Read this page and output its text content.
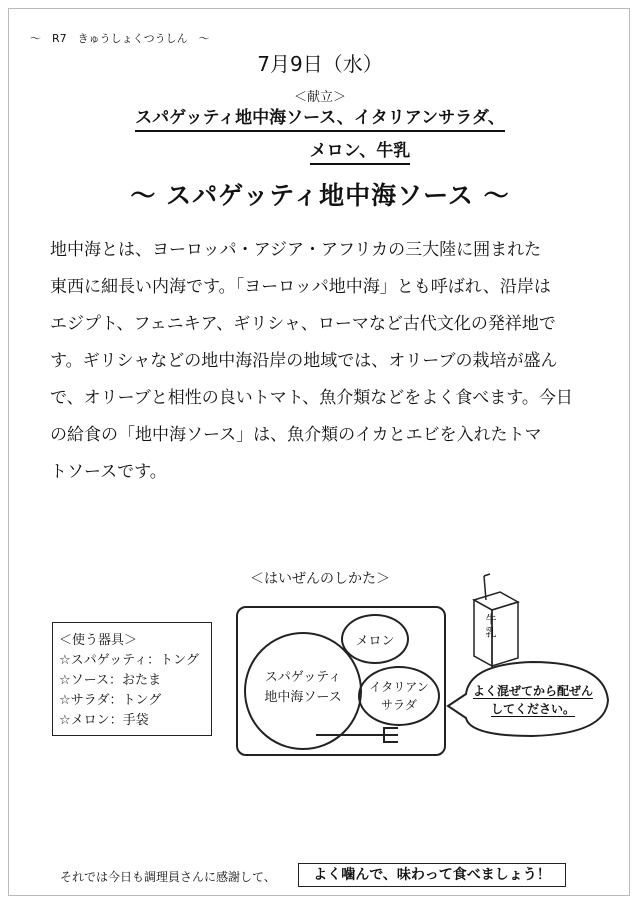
～　R7　きゅうしょくつうしん　～
7月9日（水）
＜献立＞
スパゲッティ地中海ソース、イタリアンサラダ、
メロン、牛乳
～ スパゲッティ地中海ソース ～

地中海とは、ヨーロッパ・アジア・アフリカの三大陸に囲まれた

東西に細長い内海です。「ヨーロッパ地中海」とも呼ばれ、沿岸は

エジプト、フェニキア、ギリシャ、ローマなど古代文化の発祥地で

す。ギリシャなどの地中海沿岸の地域では、オリーブの栽培が盛ん

で、オリーブと相性の良いトマト、魚介類などをよく食べます。今日

の給食の「地中海ソース」は、魚介類のイカとエビを入れたトマ

トソースです。

＜はいぜんのしかた＞
＜使う器具＞
☆スパゲッティ：トング
☆ソース：おたま
☆サラダ：トング
☆メロン：手袋
スパゲッティ
地中海ソース
メロン
イタリアン
サラダ
牛乳
よく混ぜてから配ぜん
してください。
それでは今日も調理員さんに感謝して、	よく噛んで、味わって食べましょう！
